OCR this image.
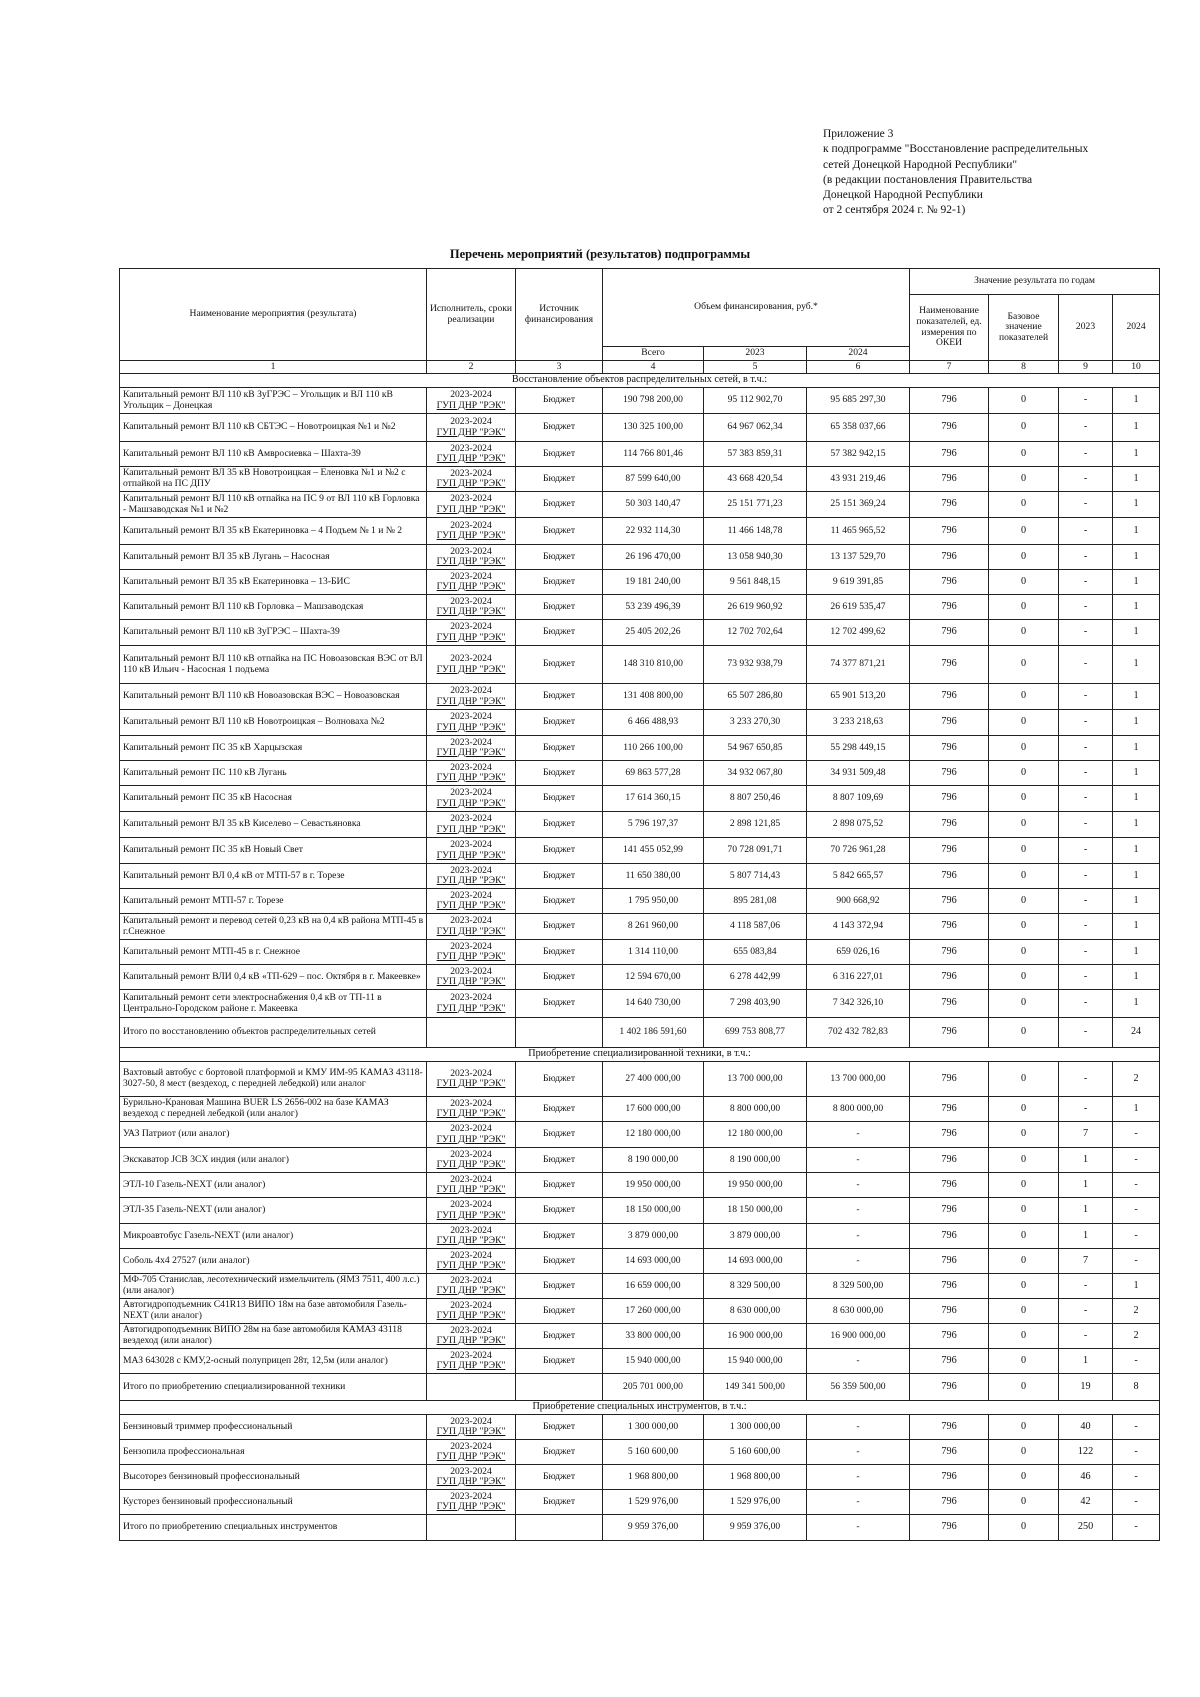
Приложение 3
к подпрограмме "Восстановление распределительных
сетей Донецкой Народной Республики"
(в редакции постановления Правительства
Донецкой Народной Республики
от 2 сентября 2024 г. № 92-1)
Перечень мероприятий (результатов) подпрограммы
Наименование мероприятия (результата)	Исполнитель, сроки реализации	Источник финансирования	Объем финансирования, руб.*			Значение результата по годам			
						Наименование показателей, ед. измерения по ОКЕИ	Базовое значение показателей	2023	2024
			Всего	2023	2024				
1	2	3	4	5	6	7	8	9	10
Восстановление объектов распределительных сетей, в т.ч.:									
Капитальный ремонт ВЛ 110 кВ ЗуГРЭС – Угольщик и ВЛ 110 кВ Угольщик – Донецкая	2023-2024
ГУП ДНР "РЭК"	Бюджет	190 798 200,00	95 112 902,70	95 685 297,30	796	0	-	1
Капитальный ремонт ВЛ 110 кВ СБТЭС – Новотроицкая №1 и №2	2023-2024
ГУП ДНР "РЭК"	Бюджет	130 325 100,00	64 967 062,34	65 358 037,66	796	0	-	1
Капитальный ремонт ВЛ 110 кВ Амвросиевка – Шахта-39	2023-2024
ГУП ДНР "РЭК"	Бюджет	114 766 801,46	57 383 859,31	57 382 942,15	796	0	-	1
Капитальный ремонт ВЛ 35 кВ Новотроицкая – Еленовка №1 и №2 с отпайкой на ПС ДПУ	2023-2024
ГУП ДНР "РЭК"	Бюджет	87 599 640,00	43 668 420,54	43 931 219,46	796	0	-	1
Капитальный ремонт ВЛ 110 кВ отпайка на ПС 9 от ВЛ 110 кВ Горловка - Машзаводская №1 и №2	2023-2024
ГУП ДНР "РЭК"	Бюджет	50 303 140,47	25 151 771,23	25 151 369,24	796	0	-	1
Капитальный ремонт ВЛ 35 кВ Екатериновка – 4 Подъем № 1 и № 2	2023-2024
ГУП ДНР "РЭК"	Бюджет	22 932 114,30	11 466 148,78	11 465 965,52	796	0	-	1
Капитальный ремонт ВЛ 35 кВ Лугань – Насосная	2023-2024
ГУП ДНР "РЭК"	Бюджет	26 196 470,00	13 058 940,30	13 137 529,70	796	0	-	1
Капитальный ремонт ВЛ 35 кВ Екатериновка – 13-БИС	2023-2024
ГУП ДНР "РЭК"	Бюджет	19 181 240,00	9 561 848,15	9 619 391,85	796	0	-	1
Капитальный ремонт ВЛ 110 кВ Горловка – Машзаводская	2023-2024
ГУП ДНР "РЭК"	Бюджет	53 239 496,39	26 619 960,92	26 619 535,47	796	0	-	1
Капитальный ремонт ВЛ 110 кВ ЗуГРЭС – Шахта-39	2023-2024
ГУП ДНР "РЭК"	Бюджет	25 405 202,26	12 702 702,64	12 702 499,62	796	0	-	1
Капитальный ремонт ВЛ 110 кВ отпайка на ПС Новоазовская ВЭС от ВЛ 110 кВ Ильич - Насосная 1 подъема	2023-2024
ГУП ДНР "РЭК"	Бюджет	148 310 810,00	73 932 938,79	74 377 871,21	796	0	-	1
Капитальный ремонт ВЛ 110 кВ Новоазовская ВЭС – Новоазовская	2023-2024
ГУП ДНР "РЭК"	Бюджет	131 408 800,00	65 507 286,80	65 901 513,20	796	0	-	1
Капитальный ремонт ВЛ 110 кВ Новотроицкая – Волноваха №2	2023-2024
ГУП ДНР "РЭК"	Бюджет	6 466 488,93	3 233 270,30	3 233 218,63	796	0	-	1
Капитальный ремонт ПС 35 кВ Харцызская	2023-2024
ГУП ДНР "РЭК"	Бюджет	110 266 100,00	54 967 650,85	55 298 449,15	796	0	-	1
Капитальный ремонт ПС 110 кВ Лугань	2023-2024
ГУП ДНР "РЭК"	Бюджет	69 863 577,28	34 932 067,80	34 931 509,48	796	0	-	1
Капитальный ремонт ПС 35 кВ Насосная	2023-2024
ГУП ДНР "РЭК"	Бюджет	17 614 360,15	8 807 250,46	8 807 109,69	796	0	-	1
Капитальный ремонт ВЛ 35 кВ Киселево – Севастьяновка	2023-2024
ГУП ДНР "РЭК"	Бюджет	5 796 197,37	2 898 121,85	2 898 075,52	796	0	-	1
Капитальный ремонт ПС 35 кВ Новый Свет	2023-2024
ГУП ДНР "РЭК"	Бюджет	141 455 052,99	70 728 091,71	70 726 961,28	796	0	-	1
Капитальный ремонт ВЛ 0,4 кВ от МТП-57 в г. Торезе	2023-2024
ГУП ДНР "РЭК"	Бюджет	11 650 380,00	5 807 714,43	5 842 665,57	796	0	-	1
Капитальный ремонт МТП-57 г. Торезе	2023-2024
ГУП ДНР "РЭК"	Бюджет	1 795 950,00	895 281,08	900 668,92	796	0	-	1
Капитальный ремонт и перевод сетей 0,23 кВ на 0,4 кВ района МТП-45 в г.Снежное	2023-2024
ГУП ДНР "РЭК"	Бюджет	8 261 960,00	4 118 587,06	4 143 372,94	796	0	-	1
Капитальный ремонт МТП-45 в г. Снежное	2023-2024
ГУП ДНР "РЭК"	Бюджет	1 314 110,00	655 083,84	659 026,16	796	0	-	1
Капитальный ремонт ВЛИ 0,4 кВ «ТП-629 – пос. Октября в г. Макеевке»	2023-2024
ГУП ДНР "РЭК"	Бюджет	12 594 670,00	6 278 442,99	6 316 227,01	796	0	-	1
Капитальный ремонт сети электроснабжения 0,4 кВ от ТП-11 в Центрально-Городском районе г. Макеевка	2023-2024
ГУП ДНР "РЭК"	Бюджет	14 640 730,00	7 298 403,90	7 342 326,10	796	0	-	1
Итого по восстановлению объектов распределительных сетей			1 402 186 591,60	699 753 808,77	702 432 782,83	796	0	-	24
Приобретение специализированной техники, в т.ч.:									
Вахтовый автобус с бортовой платформой и КМУ ИМ-95 КАМАЗ 43118-3027-50, 8 мест (вездеход, с передней лебедкой) или аналог	2023-2024
ГУП ДНР "РЭК"	Бюджет	27 400 000,00	13 700 000,00	13 700 000,00	796	0	-	2
Бурильно-Крановая Машина BUER LS 2656-002 на базе КАМАЗ вездеход с передней лебедкой (или аналог)	2023-2024
ГУП ДНР "РЭК"	Бюджет	17 600 000,00	8 800 000,00	8 800 000,00	796	0	-	1
УАЗ Патриот (или аналог)	2023-2024
ГУП ДНР "РЭК"	Бюджет	12 180 000,00	12 180 000,00	-	796	0	7	-
Экскаватор JCB 3CX индия (или аналог)	2023-2024
ГУП ДНР "РЭК"	Бюджет	8 190 000,00	8 190 000,00	-	796	0	1	-
ЭТЛ-10 Газель-NEXT (или аналог)	2023-2024
ГУП ДНР "РЭК"	Бюджет	19 950 000,00	19 950 000,00	-	796	0	1	-
ЭТЛ-35 Газель-NEXT (или аналог)	2023-2024
ГУП ДНР "РЭК"	Бюджет	18 150 000,00	18 150 000,00	-	796	0	1	-
Микроавтобус Газель-NEXT (или аналог)	2023-2024
ГУП ДНР "РЭК"	Бюджет	3 879 000,00	3 879 000,00	-	796	0	1	-
Соболь 4х4 27527 (или аналог)	2023-2024
ГУП ДНР "РЭК"	Бюджет	14 693 000,00	14 693 000,00	-	796	0	7	-
МФ-705 Станислав, лесотехнический измельчитель (ЯМЗ 7511, 400 л.с.) (или аналог)	2023-2024
ГУП ДНР "РЭК"	Бюджет	16 659 000,00	8 329 500,00	8 329 500,00	796	0	-	1
Автогидроподъемник С41R13 ВИПО 18м на базе автомобиля Газель-NEXT (или аналог)	2023-2024
ГУП ДНР "РЭК"	Бюджет	17 260 000,00	8 630 000,00	8 630 000,00	796	0	-	2
Автогидроподъемник ВИПО 28м на базе автомобиля КАМАЗ 43118 вездеход (или аналог)	2023-2024
ГУП ДНР "РЭК"	Бюджет	33 800 000,00	16 900 000,00	16 900 000,00	796	0	-	2
МАЗ 643028 с КМУ,2-осный полуприцеп 28т, 12,5м (или аналог)	2023-2024
ГУП ДНР "РЭК"	Бюджет	15 940 000,00	15 940 000,00	-	796	0	1	-
Итого по приобретению специализированной техники			205 701 000,00	149 341 500,00	56 359 500,00	796	0	19	8
Приобретение специальных инструментов, в т.ч.:									
Бензиновый триммер профессиональный	2023-2024
ГУП ДНР "РЭК"	Бюджет	1 300 000,00	1 300 000,00	-	796	0	40	-
Бензопила профессиональная	2023-2024
ГУП ДНР "РЭК"	Бюджет	5 160 600,00	5 160 600,00	-	796	0	122	-
Высоторез бензиновый профессиональный	2023-2024
ГУП ДНР "РЭК"	Бюджет	1 968 800,00	1 968 800,00	-	796	0	46	-
Кусторез бензиновый профессиональный	2023-2024
ГУП ДНР "РЭК"	Бюджет	1 529 976,00	1 529 976,00	-	796	0	42	-
Итого по приобретению специальных инструментов			9 959 376,00	9 959 376,00	-	796	0	250	-
